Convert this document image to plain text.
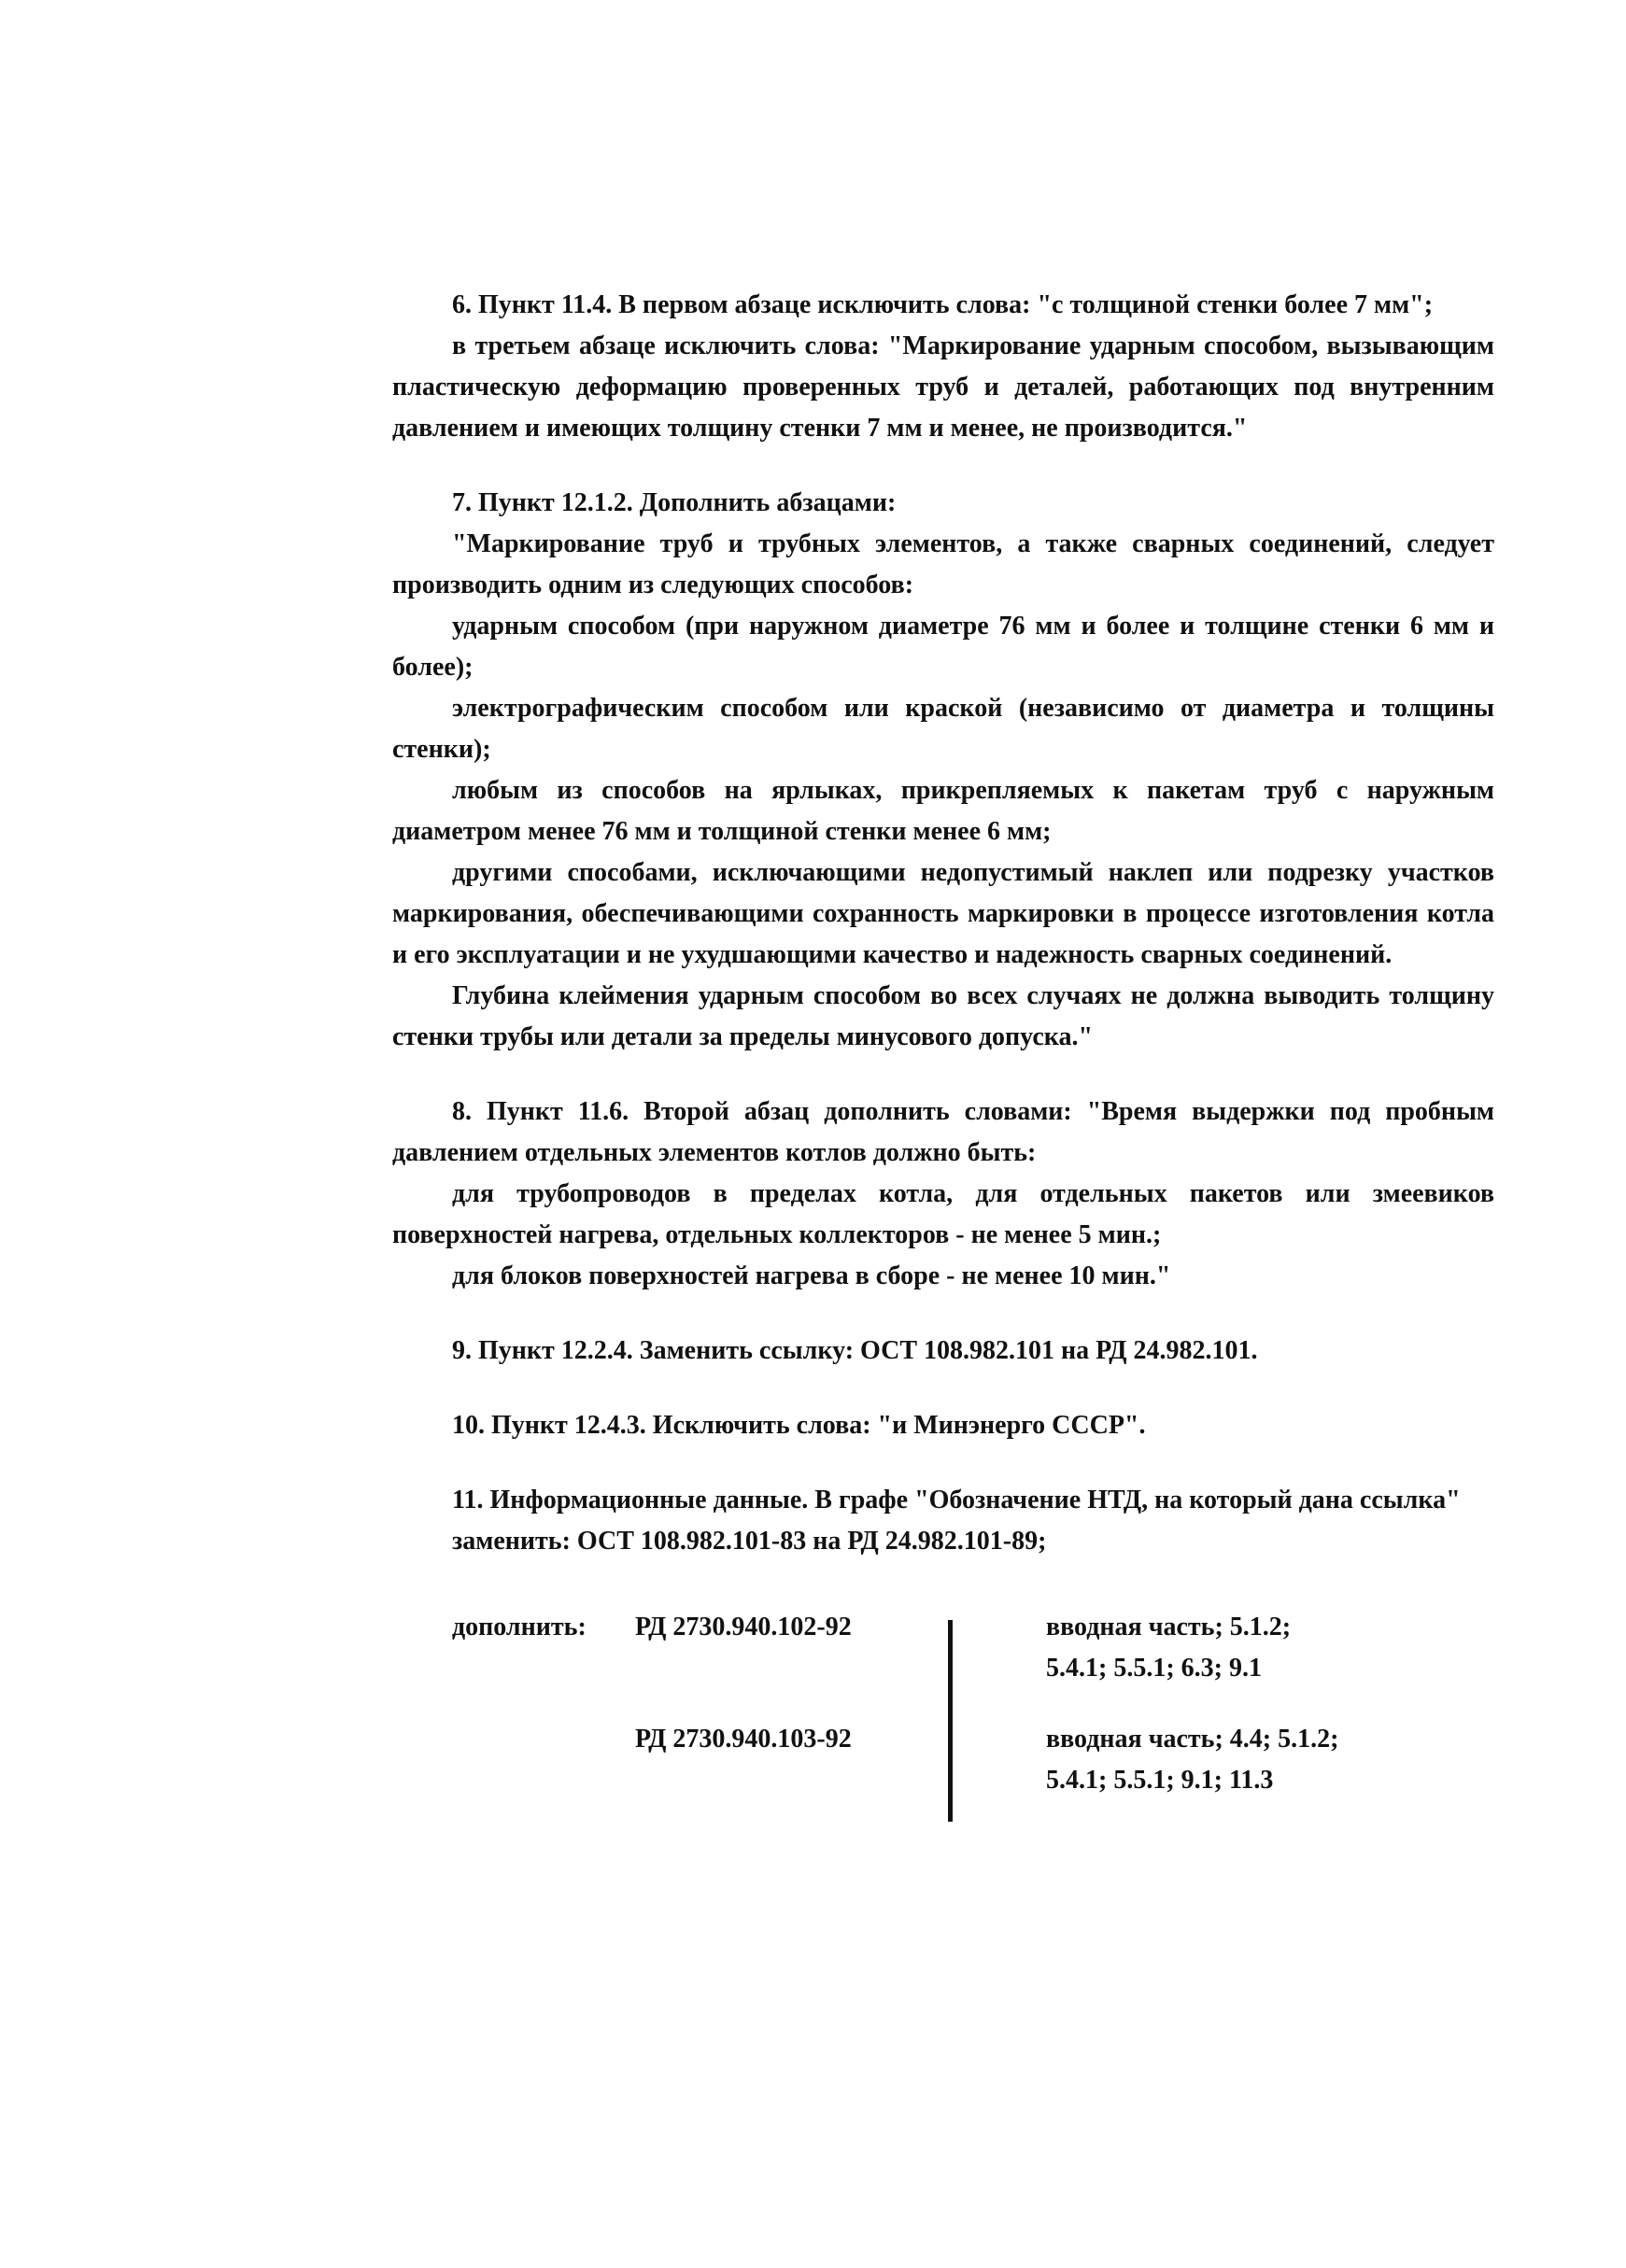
6. Пункт 11.4. В первом абзаце исключить слова: "с толщиной стенки более 7 мм";

в третьем абзаце исключить слова: "Маркирование ударным способом, вызывающим пластическую деформацию проверенных труб и деталей, работающих под внутренним давлением и имеющих толщину стенки 7 мм и менее, не производится."

7. Пункт 12.1.2. Дополнить абзацами:

"Маркирование труб и трубных элементов, а также сварных соединений, следует производить одним из следующих способов:

ударным способом (при наружном диаметре 76 мм и более и толщине стенки 6 мм и более);

электрографическим способом или краской (независимо от диаметра и толщины стенки);

любым из способов на ярлыках, прикрепляемых к пакетам труб с наружным диаметром менее 76 мм и толщиной стенки менее 6 мм;

другими способами, исключающими недопустимый наклеп или подрезку участков маркирования, обеспечивающими сохранность маркировки в процессе изготовления котла и его эксплуатации и не ухудшающими качество и надежность сварных соединений.

Глубина клеймения ударным способом во всех случаях не должна выводить толщину стенки трубы или детали за пределы минусового допуска."

8. Пункт 11.6. Второй абзац дополнить словами: "Время выдержки под пробным давлением отдельных элементов котлов должно быть:

для трубопроводов в пределах котла, для отдельных пакетов или змеевиков поверхностей нагрева, отдельных коллекторов - не менее 5 мин.;

для блоков поверхностей нагрева в сборе - не менее 10 мин."

9. Пункт 12.2.4. Заменить ссылку: ОСТ 108.982.101 на РД 24.982.101.

10. Пункт 12.4.3. Исключить слова: "и Минэнерго СССР".

11. Информационные данные. В графе "Обозначение НТД, на который дана ссылка"

заменить: ОСТ 108.982.101-83 на РД 24.982.101-89;

дополнить: РД 2730.940.102-92
РД 2730.940.103-92
вводная часть; 5.1.2;
5.4.1; 5.5.1; 6.3; 9.1
вводная часть; 4.4; 5.1.2;
5.4.1; 5.5.1; 9.1; 11.3
